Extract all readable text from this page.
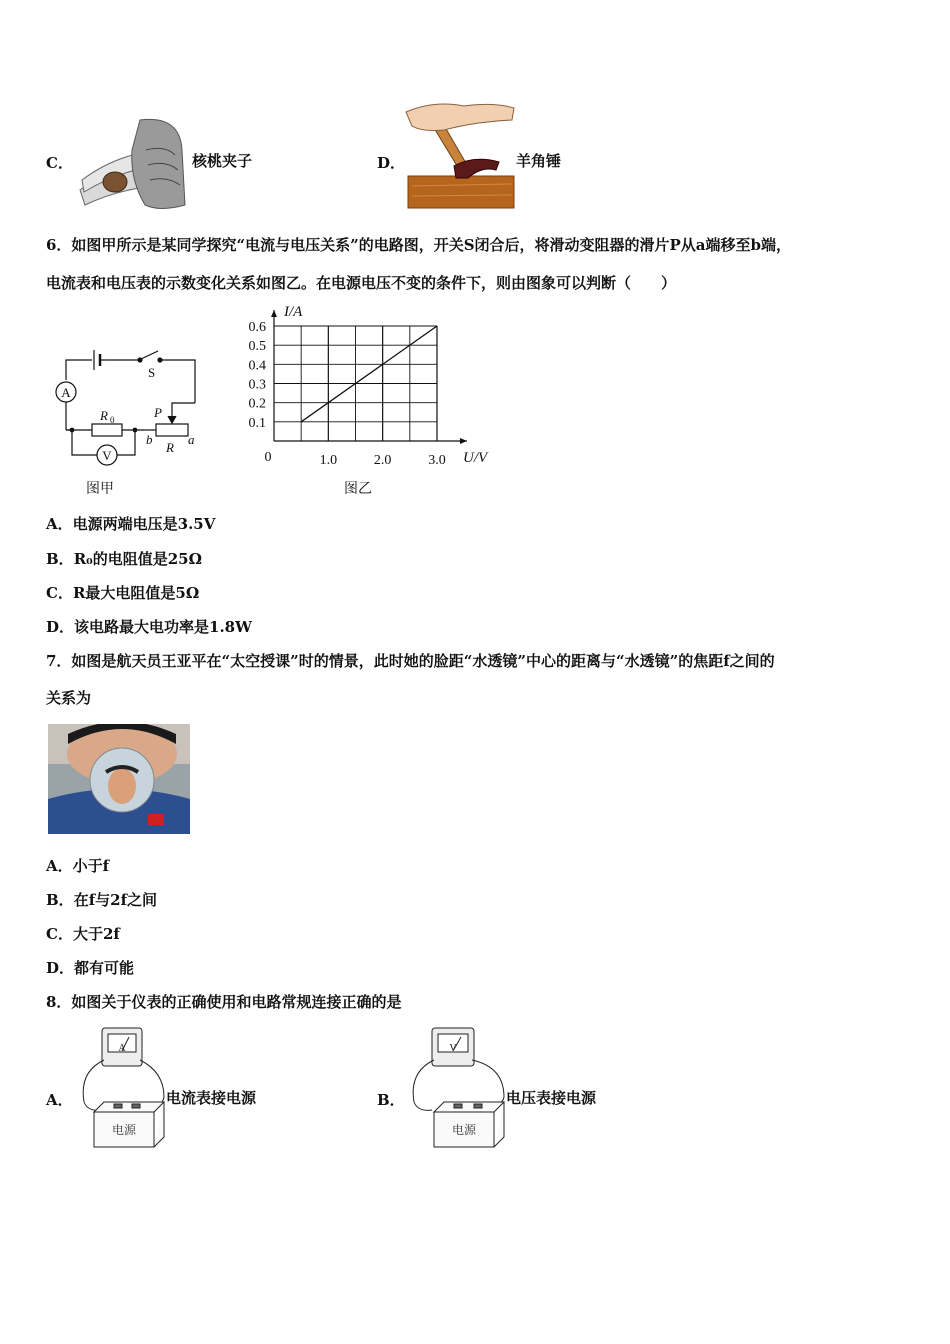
C．	核桃夹子	D．	羊角锤
6．如图甲所示是某同学探究“电流与电压关系”的电路图，开关S闭合后，将滑动变阻器的滑片P从a端移至b端，
电流表和电压表的示数变化关系如图乙。在电源电压不变的条件下，则由图象可以判断（　　）
A
V
S
R 0	P
R
a
b
图甲
0.1
0.2
0.3
0.4
0.5
0.6
1.0	2.0	3.0
0	U/V
I/A
图乙
A．电源两端电压是3.5V
B．R₀的电阻值是25Ω
C．R最大电阻值是5Ω
D．该电路最大电功率是1.8W
7．如图是航天员王亚平在“太空授课”时的情景，此时她的脸距“水透镜”中心的距离与“水透镜”的焦距f之间的
关系为
A．小于f
B．在f与2f之间
C．大于2f
D．都有可能
8．如图关于仪表的正确使用和电路常规连接正确的是
A．
A
电源
电流表接电源	B．
V
电源
电压表接电源
